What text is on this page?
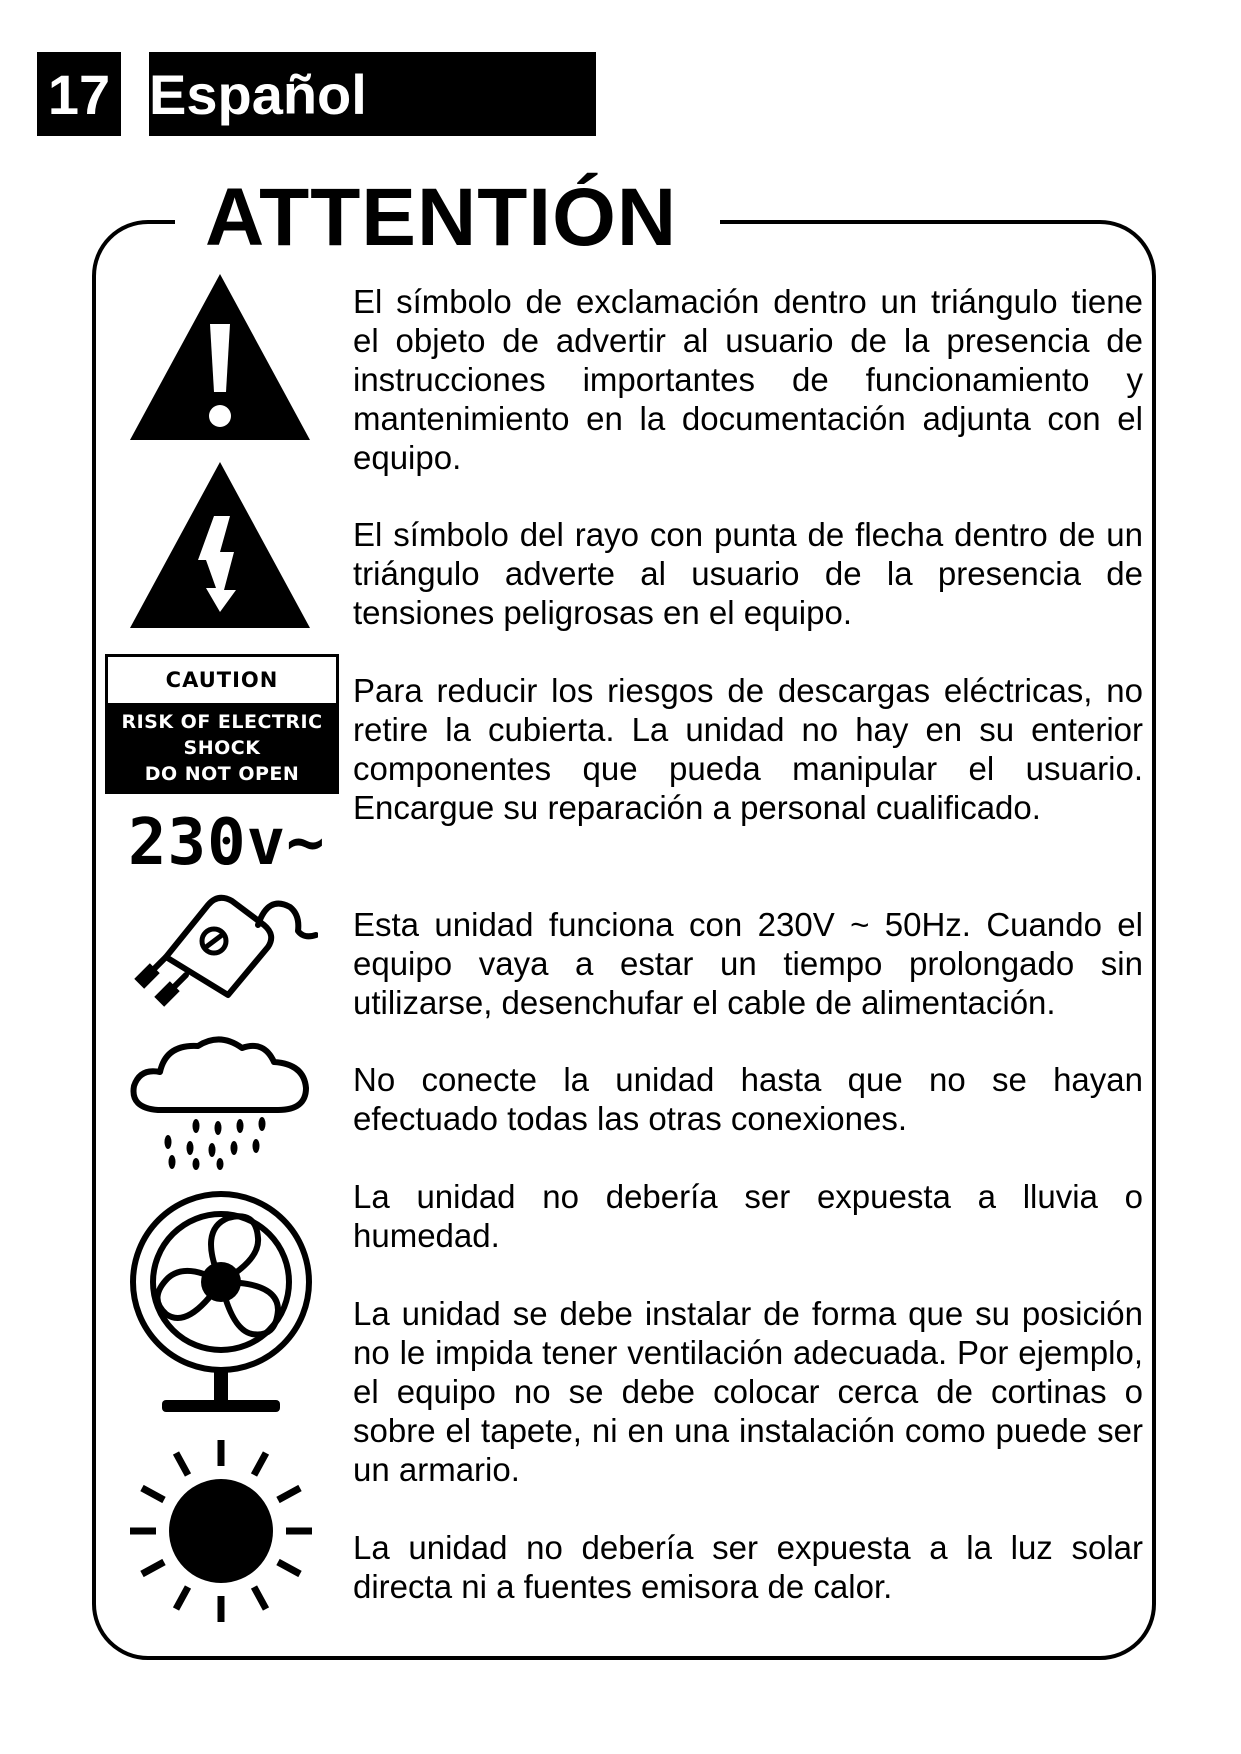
17 Español
ATTENTIÓN
CAUTION
RISK OF ELECTRIC
SHOCK
DO NOT OPEN
230v~

El símbolo de exclamación dentro un triángulo tiene el objeto de advertir al usuario de la presencia de instrucciones importantes de funcionamiento y mantenimiento en la documentación adjunta con el equipo.

El símbolo del rayo con punta de flecha dentro de un triángulo adverte al usuario de la presencia de tensiones peligrosas en el equipo.

Para reducir los riesgos de descargas eléctricas, no retire la cubierta. La unidad no hay en su enterior componentes que pueda manipular el usuario. Encargue su reparación a personal cualificado.

Esta unidad funciona con 230V ~ 50Hz. Cuando el equipo vaya a estar un tiempo prolongado sin utilizarse, desenchufar el cable de alimentación.

No conecte la unidad hasta que no se hayan efectuado todas las otras conexiones.

La unidad no debería ser expuesta a lluvia o humedad.

La unidad se debe instalar de forma que su posición no le impida tener ventilación adecuada. Por ejemplo, el equipo no se debe colocar cerca de cortinas o sobre el tapete, ni en una instalación como puede ser un armario.

La unidad no debería ser expuesta a la luz solar directa ni a fuentes emisora de calor.
